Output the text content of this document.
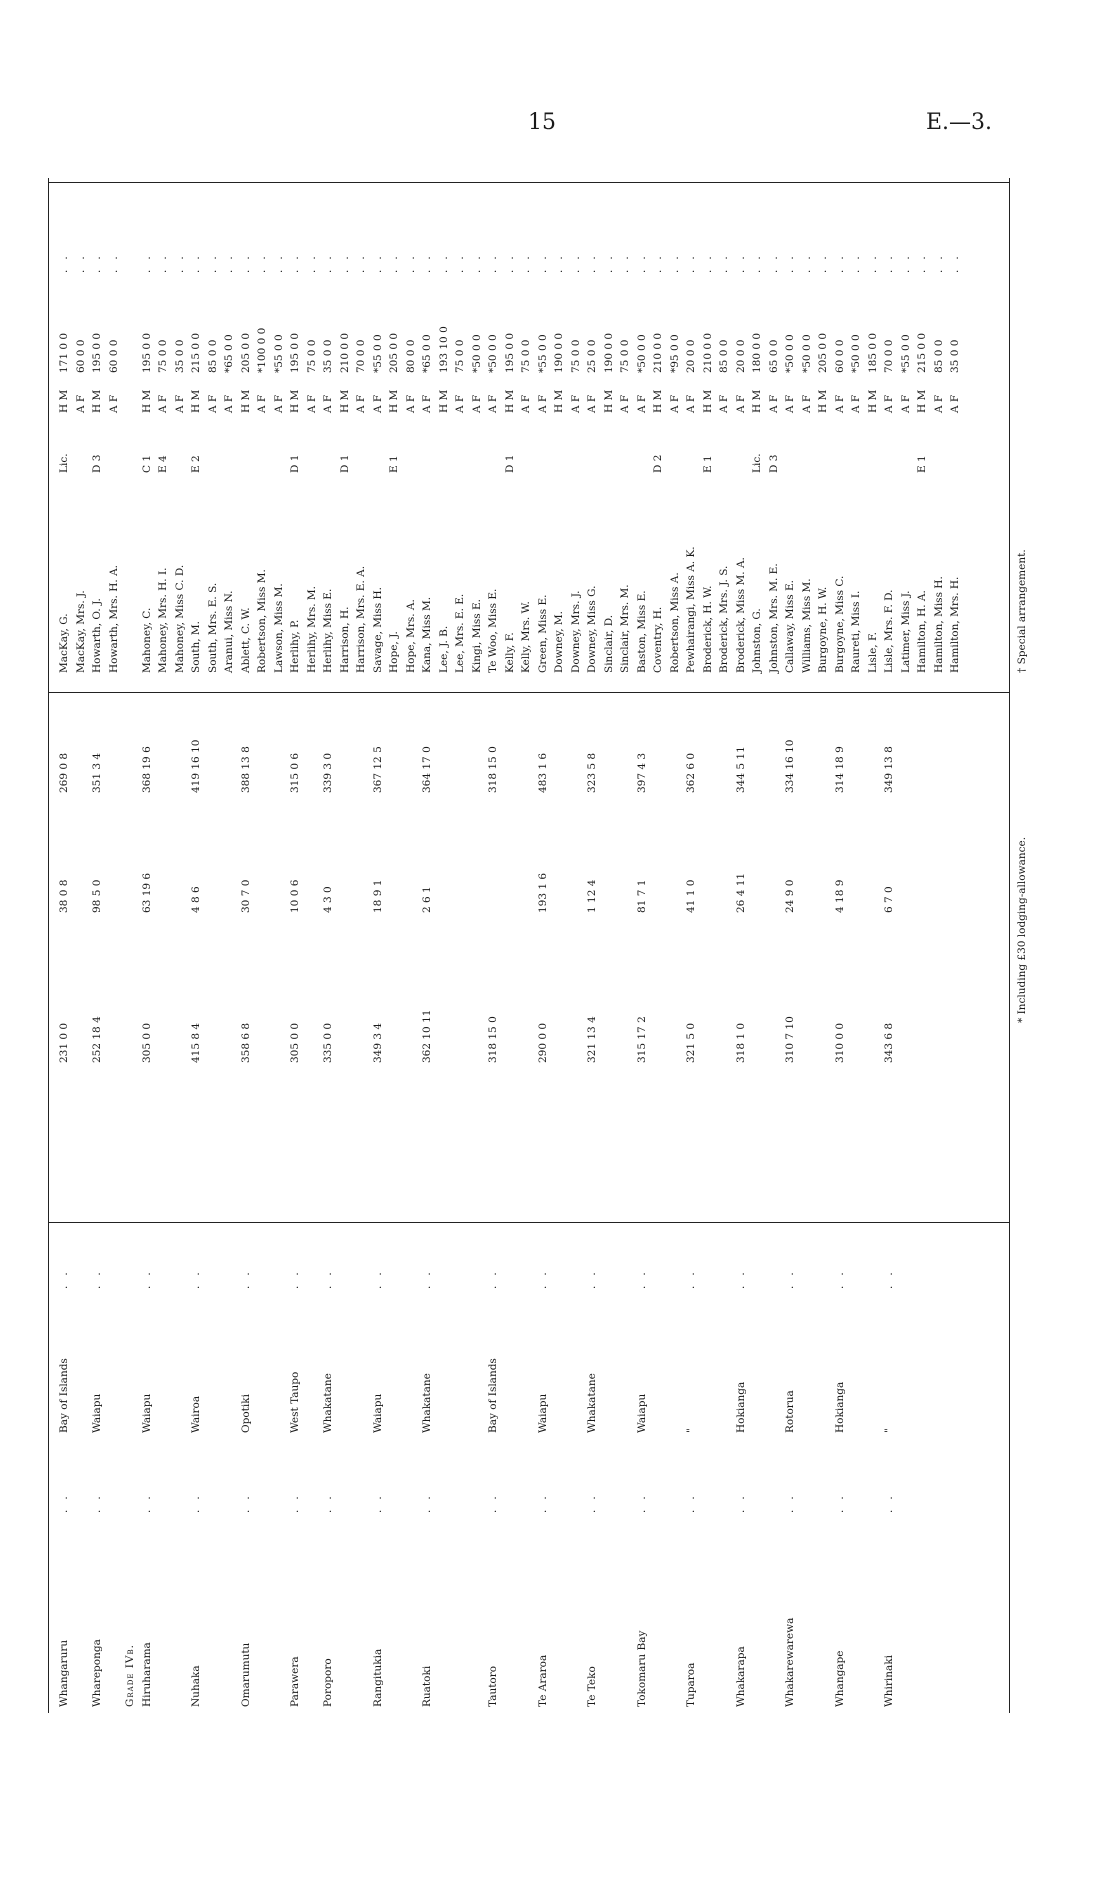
15	E.—3.
Whangaruru
Bay of Islands
231 0 0
38 0 8
269 0 8
MacKay, G.
Lic.
H M
171 0 0
..
..
..
MacKay, Mrs. J.
A F
60 0 0
..
Whareponga
Waiapu
252 18 4
98 5 0
351 3 4
Howarth, O. J.
D 3
H M
195 0 0
..
..
..
Howarth, Mrs. H. A.
A F
60 0 0
..
Grade IVb. Hiruharama
Waiapu
305 0 0
63 19 6
368 19 6
Mahoney, C.
C 1
H M
195 0 0
..
..
..
Mahoney, Mrs. H. I.
E 4
A F
75 0 0
..
Mahoney, Miss C. D.
A F
35 0 0
..
Nuhaka
Wairoa
415 8 4
4 8 6
419 16 10
South, M.
E 2
H M
215 0 0
..
..
..
South, Mrs. E. S.
A F
85 0 0
..
Aranui, Miss N.
A F
*65 0 0
..
Omarumutu
Opotiki
358 6 8
30 7 0
388 13 8
Ablett, C. W.
H M
205 0 0
..
..
..
Robertson, Miss M.
A F
*100 0 0
..
Lawson, Miss M.
A F
*55 0 0
..
Parawera
West Taupo
305 0 0
10 0 6
315 0 6
Herlihy, P.
D 1
H M
195 0 0
..
..
..
Herlihy, Mrs. M.
A F
75 0 0
..
Poroporo
Whakatane
335 0 0
4 3 0
339 3 0
Herlihy, Miss E.
A F
35 0 0
..
..
..
Harrison, H.
D 1
H M
210 0 0
..
Harrison, Mrs. E. A.
A F
70 0 0
..
Rangitukia
Waiapu
349 3 4
18 9 1
367 12 5
Savage, Miss H.
A F
*55 0 0
..
..
..
Hope, J.
E 1
H M
205 0 0
..
Hope, Mrs. A.
A F
80 0 0
..
Ruatoki
Whakatane
362 10 11
2 6 1
364 17 0
Kana, Miss M.
A F
*65 0 0
..
..
..
Lee, J. B.
H M
193 10 0
..
Lee, Mrs. E. E.
A F
75 0 0
..
Kingi, Miss E.
A F
*50 0 0
..
Tautoro
Bay of Islands
318 15 0
318 15 0
Te Woo, Miss E.
A F
*50 0 0
..
..
..
Kelly, F.
D 1
H M
195 0 0
..
Kelly, Mrs. W.
A F
75 0 0
..
Te Araroa
Waiapu
290 0 0
193 1 6
483 1 6
Green, Miss E.
A F
*55 0 0
..
..
..
Downey, M.
H M
190 0 0
..
Downey, Mrs. J.
A F
75 0 0
..
Te Teko
Whakatane
321 13 4
1 12 4
323 5 8
Downey, Miss G.
A F
25 0 0
..
..
..
Sinclair, D.
H M
190 0 0
..
Sinclair, Mrs. M.
A F
75 0 0
..
Tokomaru Bay
Waiapu
315 17 2
81 7 1
397 4 3
Baston, Miss E.
A F
*50 0 0
..
..
..
Coventry, H.
D 2
H M
210 0 0
..
Robertson, Miss A.
A F
*95 0 0
..
Tuparoa
"
321 5 0
41 1 0
362 6 0
Pewhairangi, Miss A. K.
A F
20 0 0
..
..
..
Broderick, H. W.
E 1
H M
210 0 0
..
Broderick, Mrs. J. S.
A F
85 0 0
..
Whakarapa
Hokianga
318 1 0
26 4 11
344 5 11
Broderick, Miss M. A.
A F
20 0 0
..
..
..
Johnston, G.
Lic.
H M
180 0 0
..
Johnston, Mrs. M. E.
D 3
A F
65 0 0
..
Whakarewarewa
Rotorua
310 7 10
24 9 0
334 16 10
Callaway, Miss E.
A F
*50 0 0
..
..
..
Williams, Miss M.
A F
*50 0 0
..
Burgoyne, H. W.
H M
205 0 0
..
Whangape
Hokianga
310 0 0
4 18 9
314 18 9
Burgoyne, Miss C.
A F
60 0 0
..
..
..
Raureti, Miss I.
A F
*50 0 0
..
Lisle, F.
H M
185 0 0
..
Whirinaki
"
343 6 8
6 7 0
349 13 8
Lisle, Mrs. F. D.
A F
70 0 0
..
..
..
Latimer, Miss J.
A F
*55 0 0
..
Hamilton, H. A.
E 1
H M
215 0 0
..
Hamilton, Miss H.
A F
85 0 0
..
Hamilton, Mrs. H.
A F
35 0 0
..
* Including £30 lodging-allowance.
† Special arrangement.
